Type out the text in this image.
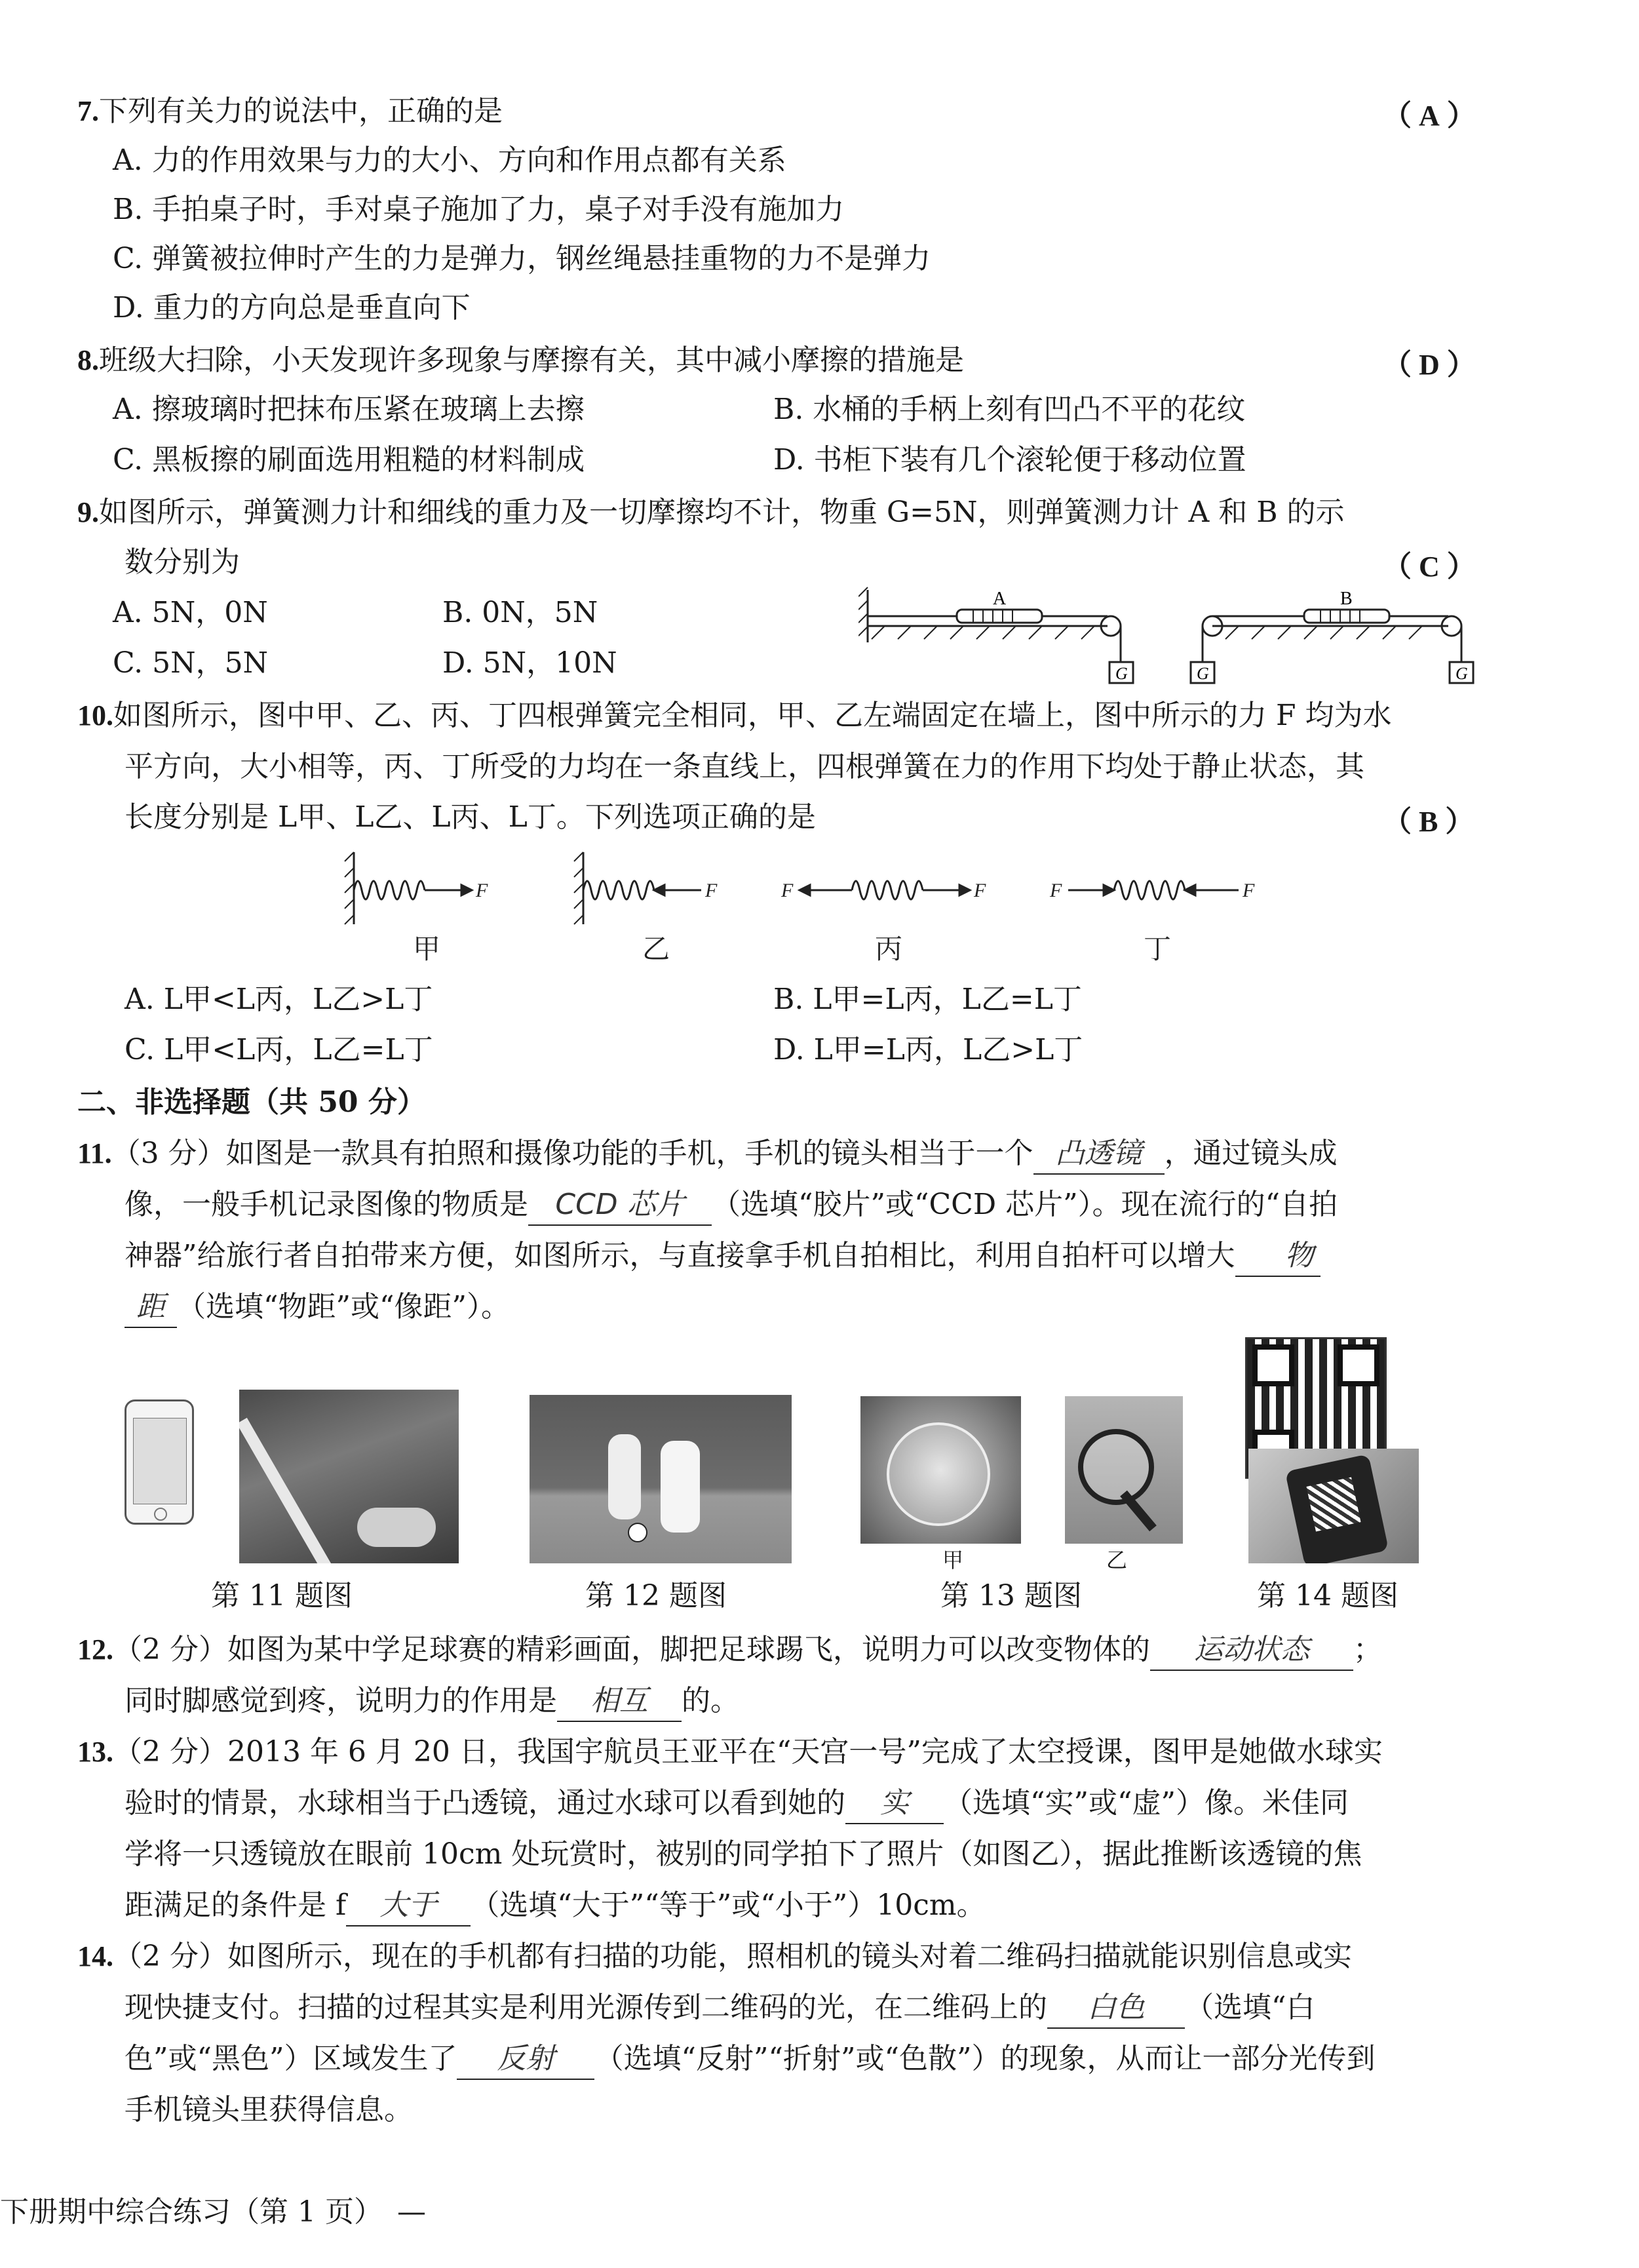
7.下列有关力的说法中，正确的是	（ A ）
A. 力的作用效果与力的大小、方向和作用点都有关系
B. 手拍桌子时，手对桌子施加了力，桌子对手没有施加力
C. 弹簧被拉伸时产生的力是弹力，钢丝绳悬挂重物的力不是弹力
D. 重力的方向总是垂直向下
8.班级大扫除，小天发现许多现象与摩擦有关，其中减小摩擦的措施是	（ D ）
A. 擦玻璃时把抹布压紧在玻璃上去擦	B. 水桶的手柄上刻有凹凸不平的花纹
C. 黑板擦的刷面选用粗糙的材料制成	D. 书柜下装有几个滚轮便于移动位置
9.如图所示，弹簧测力计和细线的重力及一切摩擦均不计，物重 G=5N，则弹簧测力计 A 和 B 的示
数分别为	（ C ）
A. 5N，0N	B. 0N，5N
C. 5N，5N	D. 5N，10N
A	B
G	G	G
10.如图所示，图中甲、乙、丙、丁四根弹簧完全相同，甲、乙左端固定在墙上，图中所示的力 F 均为水
平方向，大小相等，丙、丁所受的力均在一条直线上，四根弹簧在力的作用下均处于静止状态，其
长度分别是 L甲、L乙、L丙、L丁。下列选项正确的是	（ B ）
F	F	F	F	F	F
甲	乙	丙	丁
A. L甲<L丙，L乙>L丁	B. L甲=L丙，L乙=L丁
C. L甲<L丙，L乙=L丁	D. L甲=L丙，L乙>L丁
二、非选择题（共 50 分）
11.（3 分）如图是一款具有拍照和摄像功能的手机，手机的镜头相当于一个 凸透镜 ，通过镜头成
像，一般手机记录图像的物质是 CCD 芯片 （选填“胶片”或“CCD 芯片”）。现在流行的“自拍
神器”给旅行者自拍带来方便，如图所示，与直接拿手机自拍相比，利用自拍杆可以增大 物
距 （选填“物距”或“像距”）。
甲	乙
第 11 题图	第 12 题图	第 13 题图	第 14 题图
12.（2 分）如图为某中学足球赛的精彩画面，脚把足球踢飞，说明力可以改变物体的 运动状态 ；
同时脚感觉到疼，说明力的作用是 相互 的。
13.（2 分）2013 年 6 月 20 日，我国宇航员王亚平在“天宫一号”完成了太空授课，图甲是她做水球实
验时的情景，水球相当于凸透镜，通过水球可以看到她的 实 （选填“实”或“虚”）像。米佳同
学将一只透镜放在眼前 10cm 处玩赏时，被别的同学拍下了照片（如图乙），据此推断该透镜的焦
距满足的条件是 f 大于 （选填“大于”“等于”或“小于”）10cm。
14.（2 分）如图所示，现在的手机都有扫描的功能，照相机的镜头对着二维码扫描就能识别信息或实
现快捷支付。扫描的过程其实是利用光源传到二维码的光，在二维码上的 白色 （选填“白
色”或“黑色”）区域发生了 反射 （选填“反射”“折射”或“色散”）的现象，从而让一部分光传到
手机镜头里获得信息。
下册期中综合练习（第 1 页）　—
